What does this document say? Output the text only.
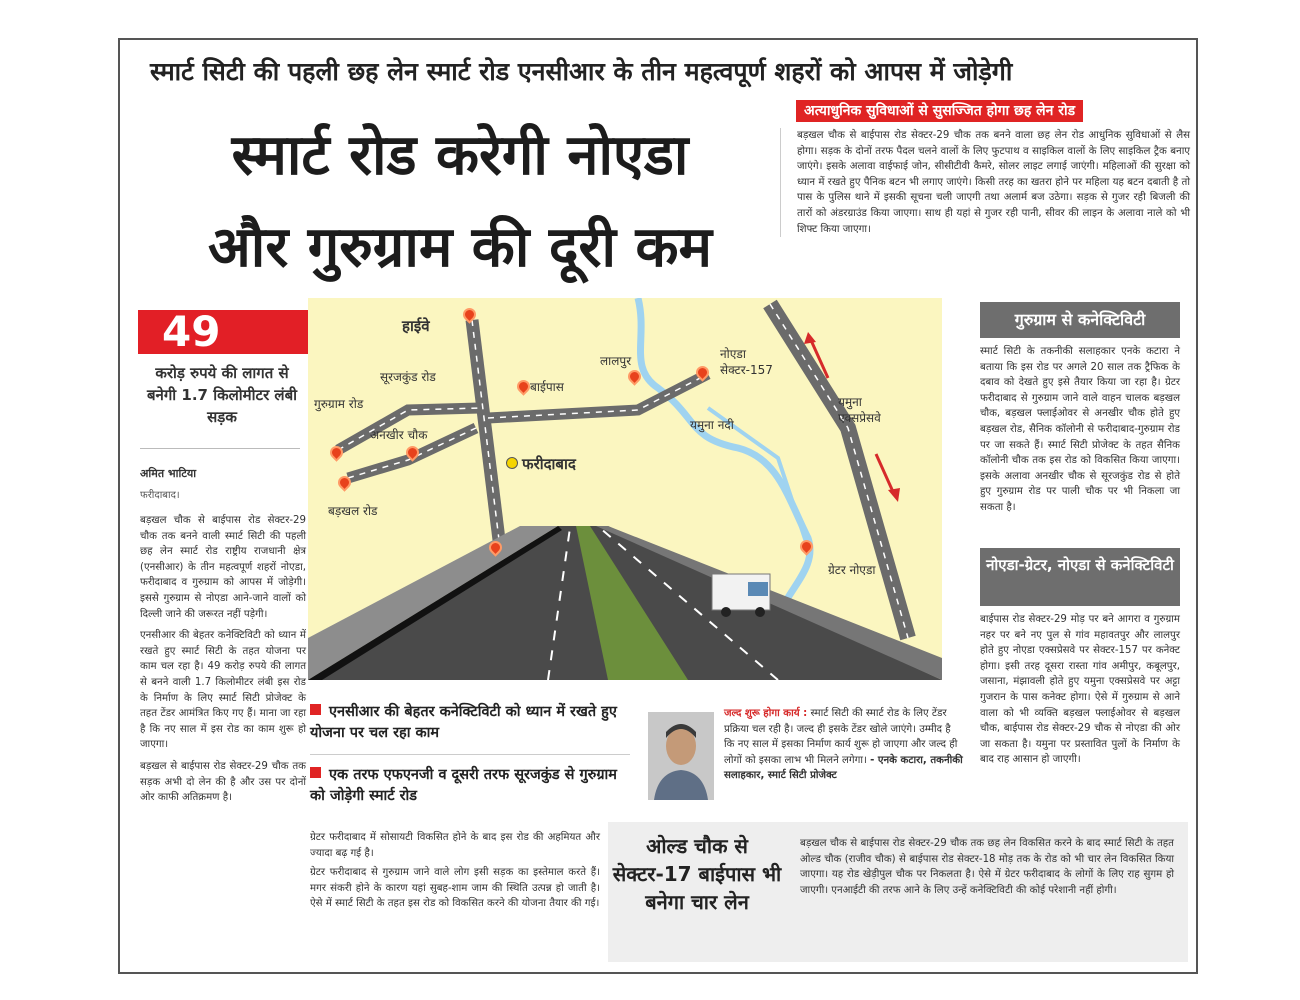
स्मार्ट सिटी की पहली छह लेन स्मार्ट रोड एनसीआर के तीन महत्वपूर्ण शहरों को आपस में जोड़ेगी
स्मार्ट रोड करेगी नोएडा
और गुरुग्राम की दूरी कम
अत्याधुनिक सुविधाओं से सुसज्जित होगा छह लेन रोड
बड़खल चौक से बाईपास रोड सेक्टर-29 चौक तक बनने वाला छह लेन रोड आधुनिक सुविधाओं से लैस होगा। सड़क के दोनों तरफ पैदल चलने वालों के लिए फुटपाथ व साइकिल वालों के लिए साइकिल ट्रैक बनाए जाएंगे। इसके अलावा वाईफाई जोन, सीसीटीवी कैमरे, सोलर लाइट लगाई जाएंगी। महिलाओं की सुरक्षा को ध्यान में रखते हुए पैनिक बटन भी लगाए जाएंगे। किसी तरह का खतरा होने पर महिला यह बटन दबाती है तो पास के पुलिस थाने में इसकी सूचना चली जाएगी तथा अलार्म बज उठेगा। सड़क से गुजर रही बिजली की तारों को अंडरग्राउंड किया जाएगा। साथ ही यहां से गुजर रही पानी, सीवर की लाइन के अलावा नाले को भी शिफ्ट किया जाएगा।
49
करोड़ रुपये की लागत से बनेगी 1.7 किलोमीटर लंबी सड़क
अमित भाटिया
फरीदाबाद।
बड़खल चौक से बाईपास रोड सेक्टर-29 चौक तक बनने वाली स्मार्ट सिटी की पहली छह लेन स्मार्ट रोड राष्ट्रीय राजधानी क्षेत्र (एनसीआर) के तीन महत्वपूर्ण शहरों नोएडा, फरीदाबाद व गुरुग्राम को आपस में जोड़ेगी। इससे गुरुग्राम से नोएडा आने-जाने वालों को दिल्ली जाने की जरूरत नहीं पड़ेगी।
एनसीआर की बेहतर कनेक्टिविटी को ध्यान में रखते हुए स्मार्ट सिटी के तहत योजना पर काम चल रहा है। 49 करोड़ रुपये की लागत से बनने वाली 1.7 किलोमीटर लंबी इस रोड के निर्माण के लिए स्मार्ट सिटी प्रोजेक्ट के तहत टेंडर आमंत्रित किए गए हैं। माना जा रहा है कि नए साल में इस रोड का काम शुरू हो जाएगा।
बड़खल से बाईपास रोड सेक्टर-29 चौक तक सड़क अभी दो लेन की है और उस पर दोनों ओर काफी अतिक्रमण है।
हाईवे
सूरजकुंड रोड
गुरुग्राम रोड
अनखीर चौक
बड़खल रोड
बाईपास
लालपुर	नोएडा सेक्टर-157
यमुना नदी
यमुना एक्सप्रेसवे
फरीदाबाद
ग्रेटर नोएडा
गुरुग्राम से कनेक्टिविटी
स्मार्ट सिटी के तकनीकी सलाहकार एनके कटारा ने बताया कि इस रोड पर अगले 20 साल तक ट्रैफिक के दबाव को देखते हुए इसे तैयार किया जा रहा है। ग्रेटर फरीदाबाद से गुरुग्राम जाने वाले वाहन चालक बड़खल चौक, बड़खल फ्लाईओवर से अनखीर चौक होते हुए बड़खल रोड, सैनिक कॉलोनी से फरीदाबाद-गुरुग्राम रोड पर जा सकते हैं। स्मार्ट सिटी प्रोजेक्ट के तहत सैनिक कॉलोनी चौक तक इस रोड को विकसित किया जाएगा। इसके अलावा अनखीर चौक से सूरजकुंड रोड से होते हुए गुरुग्राम रोड पर पाली चौक पर भी निकला जा सकता है।
नोएडा-ग्रेटर, नोएडा से कनेक्टिविटी
बाईपास रोड सेक्टर-29 मोड़ पर बने आगरा व गुरुग्राम नहर पर बने नए पुल से गांव महावतपुर और लालपुर होते हुए नोएडा एक्सप्रेसवे पर सेक्टर-157 पर कनेक्ट होगा। इसी तरह दूसरा रास्ता गांव अमीपुर, कबूलपुर, जसाना, मंझावली होते हुए यमुना एक्सप्रेसवे पर अट्टा गुजरान के पास कनेक्ट होगा। ऐसे में गुरुग्राम से आने वाला को भी व्यक्ति बड़खल फ्लाईओवर से बड़खल चौक, बाईपास रोड सेक्टर-29 चौक से नोएडा की ओर जा सकता है। यमुना पर प्रस्तावित पुलों के निर्माण के बाद राह आसान हो जाएगी।
एनसीआर की बेहतर कनेक्टिविटी को ध्यान में रखते हुए योजना पर चल रहा काम
एक तरफ एफएनजी व दूसरी तरफ सूरजकुंड से गुरुग्राम को जोड़ेगी स्मार्ट रोड
जल्द शुरू होगा कार्य : स्मार्ट सिटी की स्मार्ट रोड के लिए टेंडर प्रक्रिया चल रही है। जल्द ही इसके टेंडर खोले जाएंगे। उम्मीद है कि नए साल में इसका निर्माण कार्य शुरू हो जाएगा और जल्द ही लोगों को इसका लाभ भी मिलने लगेगा। - एनके कटारा, तकनीकी सलाहकार, स्मार्ट सिटी प्रोजेक्ट
ग्रेटर फरीदाबाद में सोसायटी विकसित होने के बाद इस रोड की अहमियत और ज्यादा बढ़ गई है।
ग्रेटर फरीदाबाद से गुरुग्राम जाने वाले लोग इसी सड़क का इस्तेमाल करते हैं। मगर संकरी होने के कारण यहां सुबह-शाम जाम की स्थिति उत्पन्न हो जाती है। ऐसे में स्मार्ट सिटी के तहत इस रोड को विकसित करने की योजना तैयार की गई।
ओल्ड चौक से सेक्टर-17 बाईपास भी बनेगा चार लेन
बड़खल चौक से बाईपास रोड सेक्टर-29 चौक तक छह लेन विकसित करने के बाद स्मार्ट सिटी के तहत ओल्ड चौक (राजीव चौक) से बाईपास रोड सेक्टर-18 मोड़ तक के रोड को भी चार लेन विकसित किया जाएगा। यह रोड खेड़ीपुल चौक पर निकलता है। ऐसे में ग्रेटर फरीदाबाद के लोगों के लिए राह सुगम हो जाएगी। एनआईटी की तरफ आने के लिए उन्हें कनेक्टिविटी की कोई परेशानी नहीं होगी।
